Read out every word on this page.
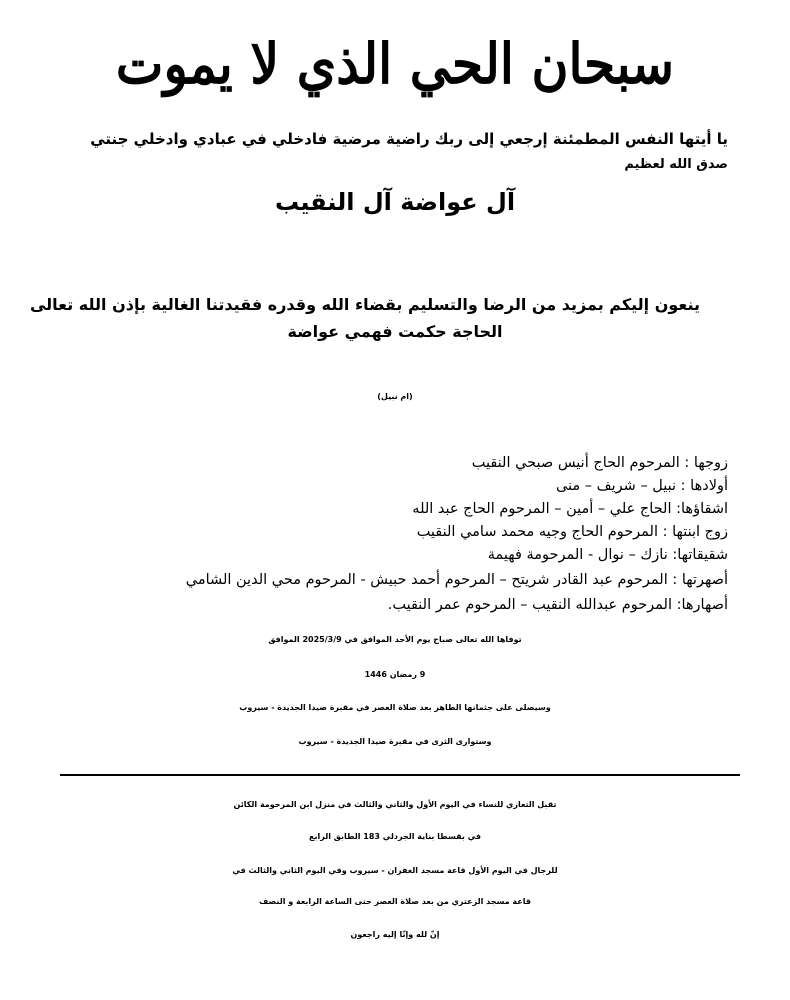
سبحان الحي الذي لا يموت
يا أيتها النفس المطمئنة إرجعي إلى ربك راضية مرضية فادخلي في عبادي وادخلي جنتي
صدق الله لعظيم
آل عواضة آل النقيب
ينعون إليكم بمزيد من الرضا والتسليم بقضاء الله وقدره فقيدتنا الغالية بإذن الله تعالى
الحاجة حكمت فهمي عواضة
(ام نبيل)
زوجها : المرحوم الحاج أنيس صبحي النقيب
أولادها : نبيل – شريف – منى
اشقاؤها: الحاج علي – أمين – المرحوم الحاج عبد الله
زوج ابنتها : المرحوم الحاج وجيه محمد سامي النقيب
شقيقاتها: نازك – نوال - المرحومة فهيمة
أصهرتها : المرحوم عبد القادر شريتح – المرحوم أحمد حبيش - المرحوم محي الدين الشامي
أصهارها: المرحوم عبدالله النقيب – المرحوم عمر النقيب.
توفاها الله تعالى صباح يوم الأحد الموافق في 2025/3/9 الموافق
9 رمضان 1446
وسيصلى على جثمانها الطاهر بعد صلاة العصر في مقبرة صيدا الجديدة - سيروب
وستوارى الثرى في مقبرة صيدا الجديدة - سيروب
تقبل التعازي للنساء في اليوم الأول والثاني والثالث في منزل ابن المرحومة الكائن
في بقسطا بناية الجردلي 183 الطابق الرابع
للرجال في اليوم الأول قاعة مسجد الغفران - سيروب وفي اليوم الثاني والثالث في
قاعة مسجد الزعتري من بعد صلاة العصر حتى الساعة الرابعة و النصف
إنّ لله وإنّا إليه راجعون
